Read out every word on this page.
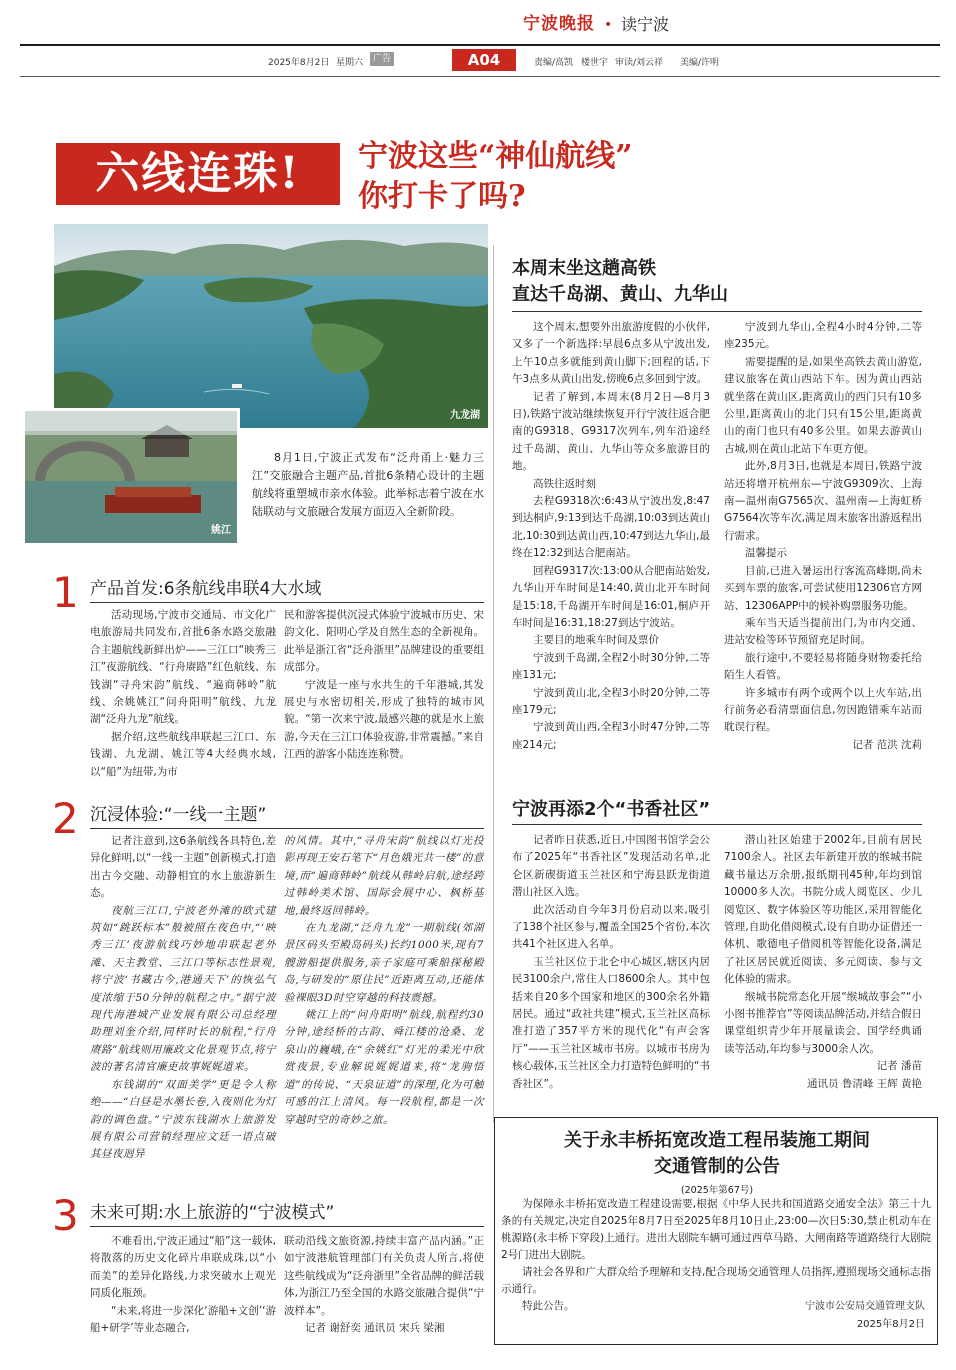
宁波晚报 • 读宁波
2025年8月2日 星期六	广告	A04	责编/高凯 楼世宇 审读/刘云祥 美编/许明
六线连珠!	宁波这些“神仙航线”
你打卡了吗?
九龙湖
姚江
8月1日,宁波正式发布“泛舟甬上·魅力三江”交旅融合主题产品,首批6条精心设计的主题航线将重塑城市亲水体验。此举标志着宁波在水陆联动与文旅融合发展方面迈入全新阶段。
1 产品首发:6条航线串联4大水域

活动现场,宁波市交通局、市文化广电旅游局共同发布,首批6条水路交旅融合主题航线新鲜出炉——三江口“映秀三江”夜游航线、“行舟赓路”红色航线、东钱湖“寻舟宋韵”航线、“遍商韩岭”航线、余姚姚江“问舟阳明”航线、九龙湖“泛舟九龙”航线。

据介绍,这些航线串联起三江口、东钱湖、九龙湖、姚江等4大经典水域,以“船”为纽带,为市

民和游客提供沉浸式体验宁波城市历史、宋韵文化、阳明心学及自然生态的全新视角。此举是浙江省“泛舟浙里”品牌建设的重要组成部分。

宁波是一座与水共生的千年港城,其发展史与水密切相关,形成了独特的城市风貌。“第一次来宁波,最感兴趣的就是水上旅游,今天在三江口体验夜游,非常震撼。”来自江西的游客小陆连连称赞。

2 沉浸体验:“一线一主题”

记者注意到,这6条航线各具特色,差异化鲜明,以“一线一主题”创新模式,打造出古今交融、动静相宜的水上旅游新生态。

夜航三江口,宁波老外滩的欧式建筑如“跳跃标本”般被照在夜色中,“‘映秀三江’夜游航线巧妙地串联起老外滩、天主教堂、三江口等标志性景观,将宁波‘书藏古今,港通天下’的恢弘气度浓缩于50分钟的航程之中。”据宁波现代海港城产业发展有限公司总经理助理刘奎介绍,同样时长的航程,“行舟赓路”航线则用廉政文化景观节点,将宁波的著名清官廉吏故事娓娓道来。

东钱湖的“双面美学”更是令人称绝——“白昼是水墨长卷,入夜则化为灯韵的调色盘。”宁波东钱湖水上旅游发展有限公司营销经理应文廷一语点破其昼夜迥异

的风情。其中,“寻舟宋韵”航线以灯光投影再现王安石笔下“月色娥光共一楼”的意境,而“遍商韩岭”航线从韩岭启航,途经跨过韩岭美术馆、国际会展中心、枫桥基地,最终返回韩岭。

在九龙湖,“泛舟九龙”一期航线(郊湖景区码头至殿岛码头)长约1000米,现有7艘游船提供服务,亲子家庭可乘船探秘殿岛,与研发的“原住民”近距离互动,还能体验裸眼3D时空穿越的科技震撼。

姚江上的“问舟阳明”航线,航程约30分钟,途经桥的古韵、舜江楼的沧桑、龙泉山的巍峨,在“余姚红”灯光的柔光中欣赏夜景,专业解说娓娓道来,将“龙驹悟道”的传说、“天泉证道”的深理,化为可触可感的江上清风。每一段航程,都是一次穿越时空的奇妙之旅。

3 未来可期:水上旅游的“宁波模式”

不难看出,宁波正通过“船”这一载体,将散落的历史文化碎片串联成珠,以“小而美”的差异化路线,力求突破水上观光同质化瓶颈。

“未来,将进一步深化‘游船+文创’‘游船+研学’等业态融合,

联动沿线文旅资源,持续丰富产品内涵。”正如宁波港航管理部门有关负责人所言,将使这些航线成为“泛舟浙里”全省品牌的鲜活载体,为浙江乃至全国的水路交旅融合提供“宁波样本”。

记者 谢舒奕 通讯员 宋兵 梁湘

本周末坐这趟高铁
直达千岛湖、黄山、九华山

这个周末,想要外出旅游度假的小伙伴,又多了一个新选择:早晨6点多从宁波出发,上午10点多就能到黄山脚下;回程的话,下午3点多从黄山出发,傍晚6点多回到宁波。

记者了解到,本周末(8月2日—8月3日),铁路宁波站继续恢复开行宁波往返合肥南的G9318、G9317次列车,列车沿途经过千岛湖、黄山、九华山等众多旅游目的地。

高铁往返时刻

去程G9318次:6:43从宁波出发,8:47到达桐庐,9:13到达千岛湖,10:03到达黄山北,10:30到达黄山西,10:47到达九华山,最终在12:32到达合肥南站。

回程G9317次:13:00从合肥南站始发,九华山开车时间是14:40,黄山北开车时间是15:18,千岛湖开车时间是16:01,桐庐开车时间是16:31,18:27到达宁波站。

主要目的地乘车时间及票价

宁波到千岛湖,全程2小时30分钟,二等座131元;

宁波到黄山北,全程3小时20分钟,二等座179元;

宁波到黄山西,全程3小时47分钟,二等座214元;

宁波到九华山,全程4小时4分钟,二等座235元。

需要提醒的是,如果坐高铁去黄山游览,建议旅客在黄山西站下车。因为黄山西站就坐落在黄山区,距离黄山的西门只有10多公里,距离黄山的北门只有15公里,距离黄山的南门也只有40多公里。如果去游黄山古城,则在黄山北站下车更方便。

此外,8月3日,也就是本周日,铁路宁波站还将增开杭州东—宁波G9309次、上海南—温州南G7565次、温州南—上海虹桥G7564次等车次,满足周末旅客出游返程出行需求。

温馨提示

目前,已进入暑运出行客流高峰期,尚未买到车票的旅客,可尝试使用12306官方网站、12306APP中的候补购票服务功能。

乘车当天适当提前出门,为市内交通、进站安检等环节预留充足时间。

旅行途中,不要轻易将随身财物委托给陌生人看管。

许多城市有两个或两个以上火车站,出行前务必看清票面信息,勿因跑错乘车站而耽误行程。

记者 范洪 沈莉

宁波再添2个“书香社区”

记者昨日获悉,近日,中国图书馆学会公布了2025年“书香社区”发现活动名单,北仑区新碶街道玉兰社区和宁海县跃龙街道潜山社区入选。

此次活动自今年3月份启动以来,吸引了138个社区参与,覆盖全国25个省份,本次共41个社区进入名单。

玉兰社区位于北仑中心城区,辖区内居民3100余户,常住人口8600余人。其中包括来自20多个国家和地区的300余名外籍居民。通过“政社共建”模式,玉兰社区高标准打造了357平方米的现代化“有声会客厅”——玉兰社区城市书房。以城市书房为核心载体,玉兰社区全力打造特色鲜明的“书香社区”。

潜山社区始建于2002年,目前有居民7100余人。社区去年新建开放的缑城书院藏书量达万余册,报纸期刊45种,年均到馆10000多人次。书院分成人阅览区、少儿阅览区、数字体验区等功能区,采用智能化管理,自助化借阅模式,设有自助办证借还一体机、歌德电子借阅机等智能化设备,满足了社区居民就近阅读、多元阅读、参与文化体验的需求。

缑城书院常态化开展“缑城故事会”“小小图书推荐官”等阅读品牌活动,并结合假日课堂组织青少年开展量读会、国学经典诵读等活动,年均参与3000余人次。

记者 潘苗

通讯员 鲁清峰 王辉 黄艳

关于永丰桥拓宽改造工程吊装施工期间
交通管制的公告
(2025年第67号)

为保障永丰桥拓宽改造工程建设需要,根据《中华人民共和国道路交通安全法》第三十九条的有关规定,决定自2025年8月7日至2025年8月10日止,23:00—次日5:30,禁止机动车在桃源路(永丰桥下穿段)上通行。进出大剧院车辆可通过西草马路、大闸南路等道路绕行大剧院2号门进出大剧院。

请社会各界和广大群众给予理解和支持,配合现场交通管理人员指挥,遵照现场交通标志指示通行。

特此公告。	宁波市公安局交通管理支队
2025年8月2日
